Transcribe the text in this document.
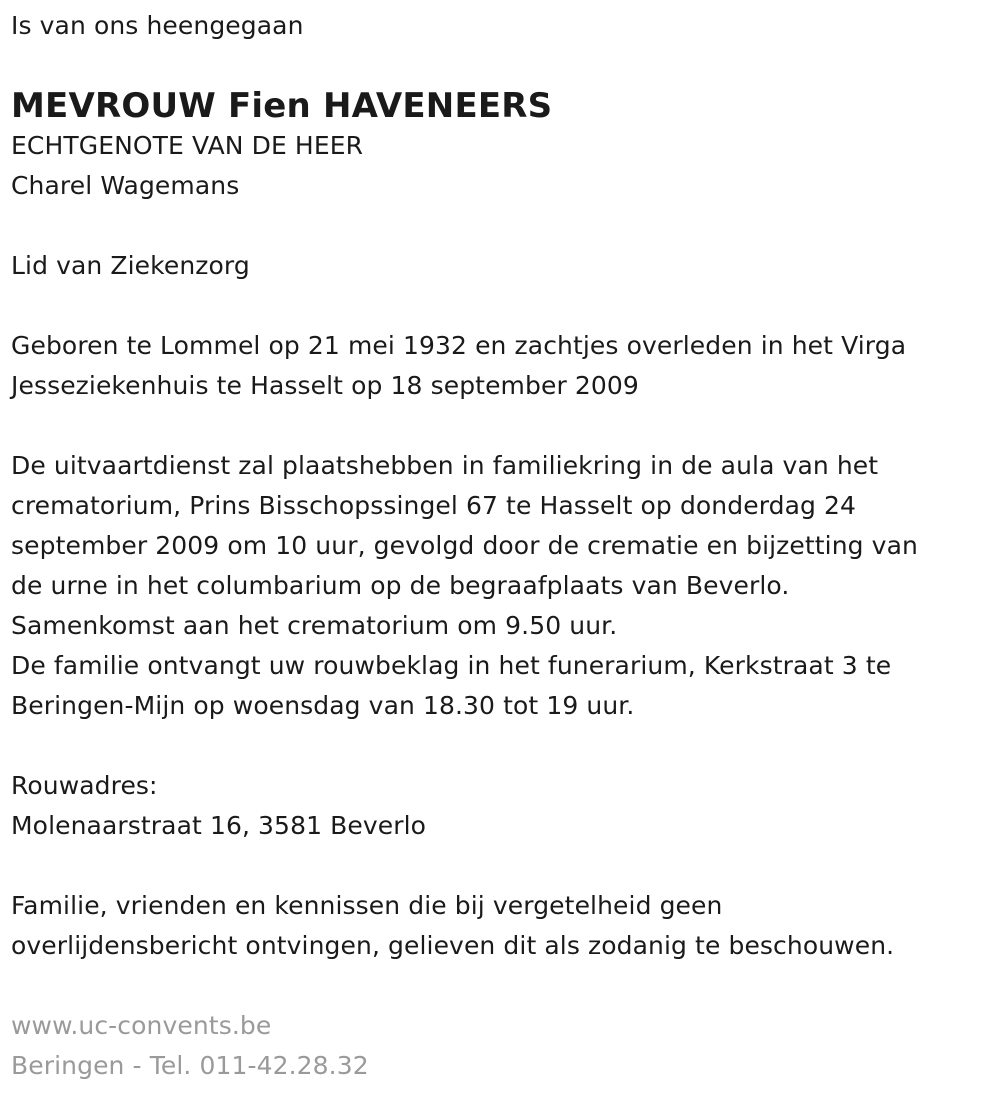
Is van ons heengegaan
MEVROUW Fien HAVENEERS
ECHTGENOTE VAN DE HEER
Charel Wagemans
Lid van Ziekenzorg
Geboren te Lommel op 21 mei 1932 en zachtjes overleden in het Virga
Jesseziekenhuis te Hasselt op 18 september 2009
De uitvaartdienst zal plaatshebben in familiekring in de aula van het
crematorium, Prins Bisschopssingel 67 te Hasselt op donderdag 24
september 2009 om 10 uur, gevolgd door de crematie en bijzetting van
de urne in het columbarium op de begraafplaats van Beverlo.
Samenkomst aan het crematorium om 9.50 uur.
De familie ontvangt uw rouwbeklag in het funerarium, Kerkstraat 3 te
Beringen-Mijn op woensdag van 18.30 tot 19 uur.
Rouwadres:
Molenaarstraat 16, 3581 Beverlo
Familie, vrienden en kennissen die bij vergetelheid geen
overlijdensbericht ontvingen, gelieven dit als zodanig te beschouwen.
www.uc-convents.be
Beringen - Tel. 011-42.28.32
